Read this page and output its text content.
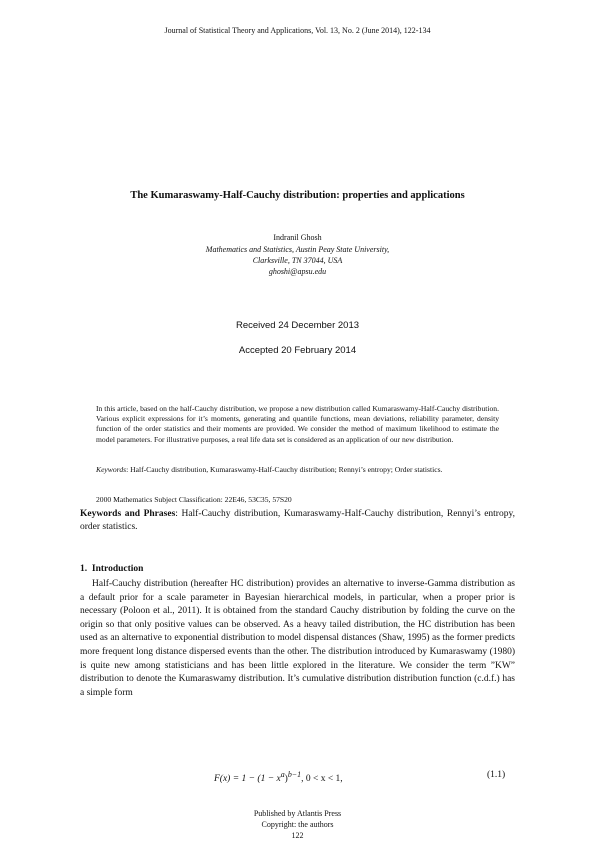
Journal of Statistical Theory and Applications, Vol. 13, No. 2 (June 2014), 122-134
The Kumaraswamy-Half-Cauchy distribution: properties and applications
Indranil Ghosh
Mathematics and Statistics, Austin Peay State University,
Clarksville, TN 37044, USA
ghoshi@apsu.edu
Received 24 December 2013
Accepted 20 February 2014
In this article, based on the half-Cauchy distribution, we propose a new distribution called Kumaraswamy-Half-Cauchy distribution. Various explicit expressions for it’s moments, generating and quantile functions, mean deviations, reliability parameter, density function of the order statistics and their moments are provided. We consider the method of maximum likelihood to estimate the model parameters. For illustrative purposes, a real life data set is considered as an application of our new distribution.
Keywords: Half-Cauchy distribution, Kumaraswamy-Half-Cauchy distribution; Rennyi’s entropy; Order statistics.
2000 Mathematics Subject Classification: 22E46, 53C35, 57S20
Keywords and Phrases: Half-Cauchy distribution, Kumaraswamy-Half-Cauchy distribution, Rennyi’s entropy, order statistics.
1. Introduction
Half-Cauchy distribution (hereafter HC distribution) provides an alternative to inverse-Gamma distribution as a default prior for a scale parameter in Bayesian hierarchical models, in particular, when a proper prior is necessary (Poloon et al., 2011). It is obtained from the standard Cauchy distribution by folding the curve on the origin so that only positive values can be observed. As a heavy tailed distribution, the HC distribution has been used as an alternative to exponential distribution to model dispensal distances (Shaw, 1995) as the former predicts more frequent long distance dispersed events than the other. The distribution introduced by Kumaraswamy (1980) is quite new among statisticians and has been little explored in the literature. We consider the term ”KW” distribution to denote the Kumaraswamy distribution. It’s cumulative distribution distribution function (c.d.f.) has a simple form
$F(x) = 1 - (1 - x^a)^{b-1}$, 0 < x < 1,	(1.1)
Published by Atlantis Press
Copyright: the authors
122
